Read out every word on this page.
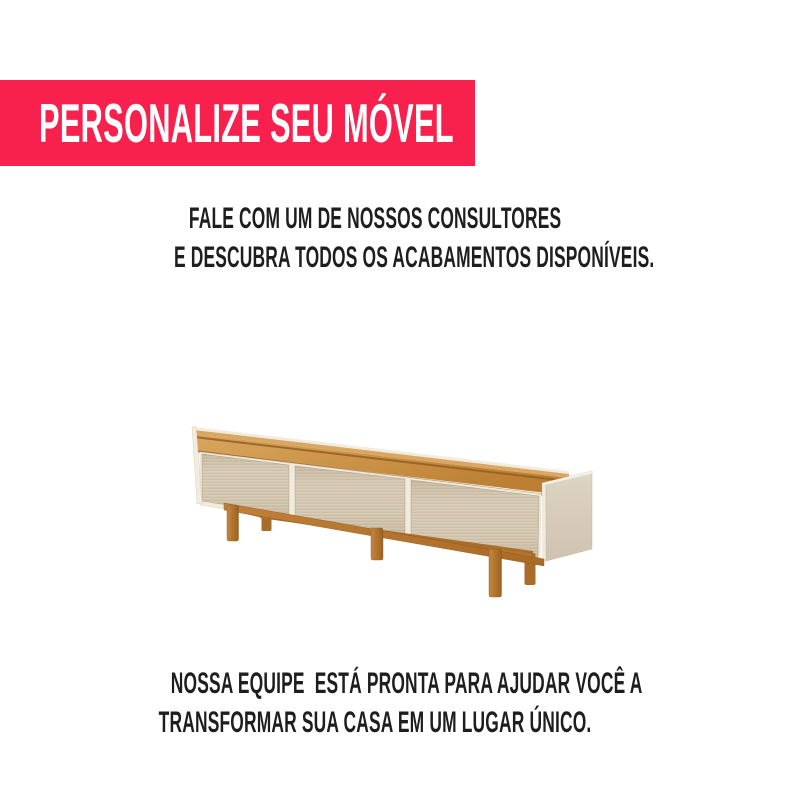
PERSONALIZE SEU MÓVEL
FALE COM UM DE NOSSOS CONSULTORES
E DESCUBRA TODOS OS ACABAMENTOS DISPONÍVEIS.
NOSSA EQUIPE  ESTÁ PRONTA PARA AJUDAR VOCÊ A
TRANSFORMAR SUA CASA EM UM LUGAR ÚNICO.
